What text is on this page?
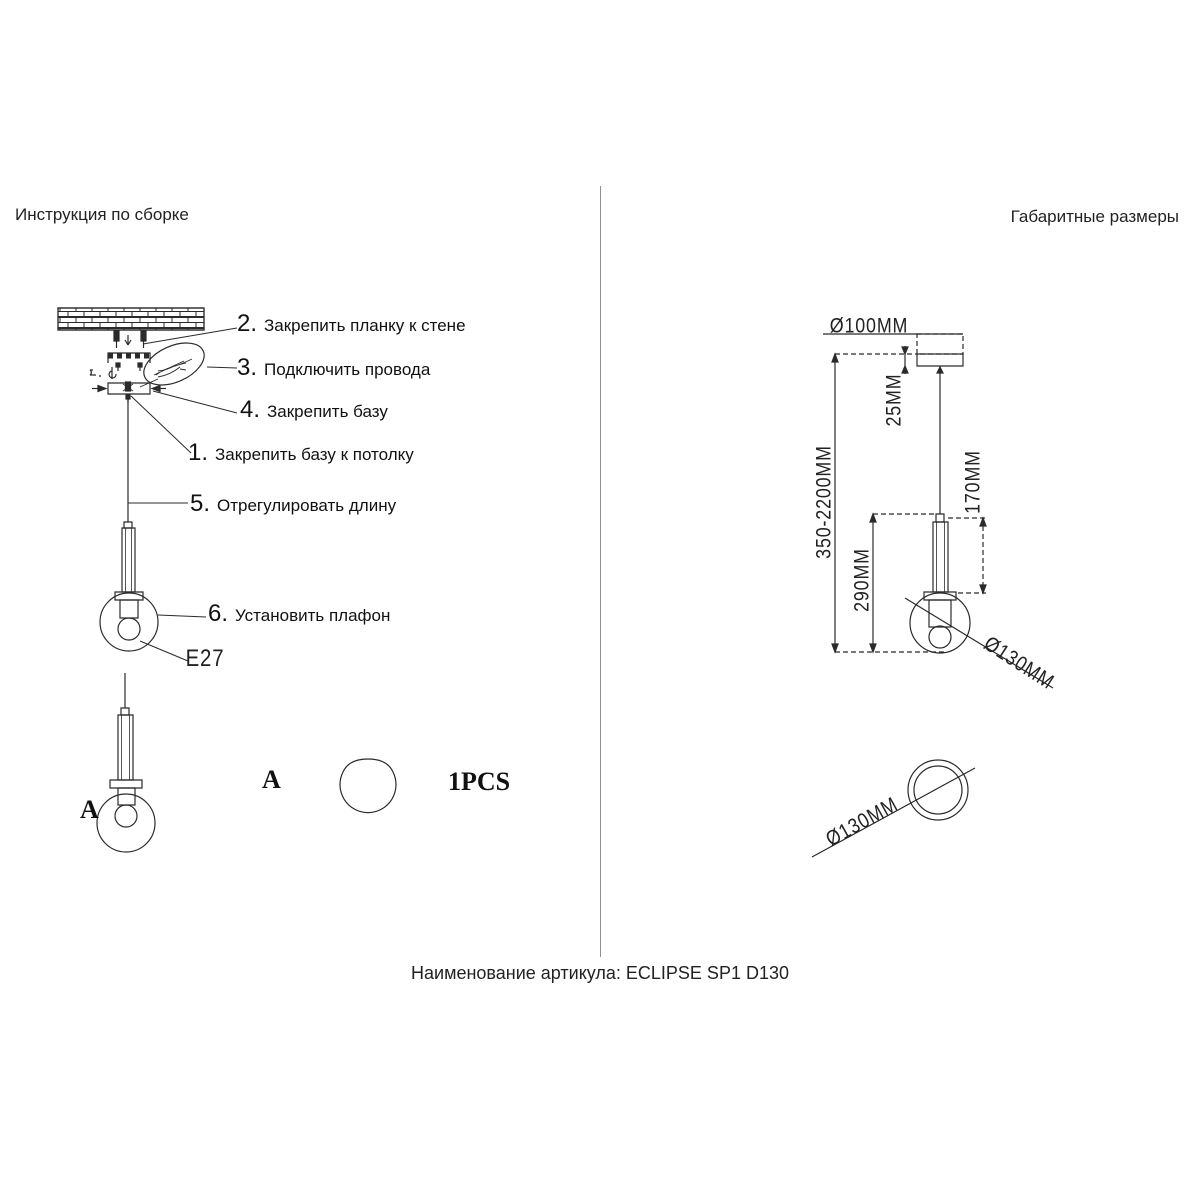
Инструкция по сборке	Габаритные размеры
2. Закрепить планку к стене
3. Подключить провода
4. Закрепить базу
1. Закрепить базу к потолку
5. Отрегулировать длину
6. Установить плафон
E27
A
A	1PCS
Ø100MM
25MM
350-2200MM
290MM
170MM
Ø130MM
Ø130MM
Наименование артикула: ECLIPSE SP1 D130
